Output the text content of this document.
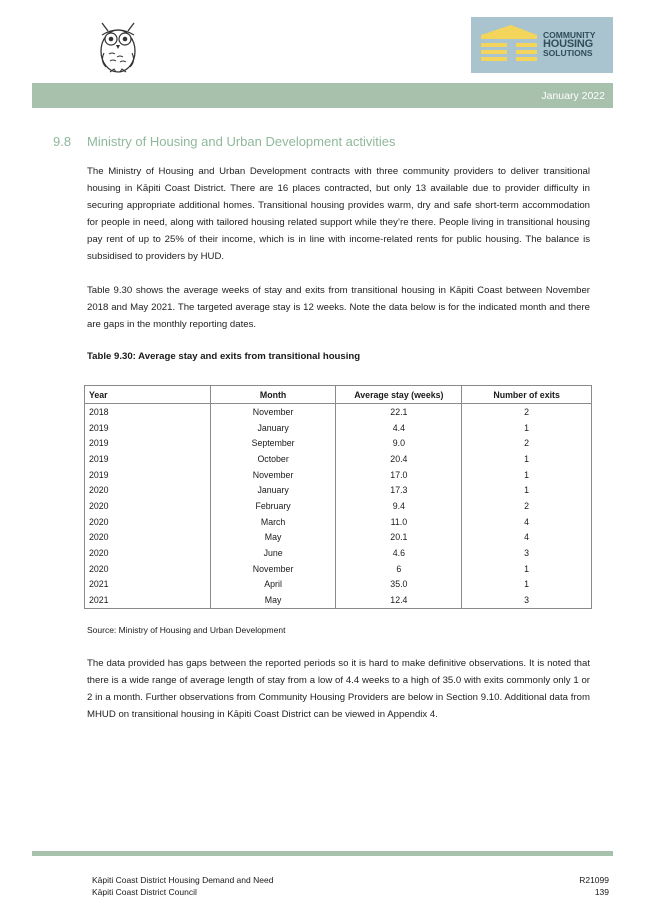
COMMUNITY
HOUSING
SOLUTIONS
January 2022
9.8 Ministry of Housing and Urban Development activities
The Ministry of Housing and Urban Development contracts with three community providers to deliver transitional housing in Kāpiti Coast District. There are 16 places contracted, but only 13 available due to provider difficulty in securing appropriate additional homes. Transitional housing provides warm, dry and safe short-term accommodation for people in need, along with tailored housing related support while they’re there. People living in transitional housing pay rent of up to 25% of their income, which is in line with income-related rents for public housing. The balance is subsidised to providers by HUD.
Table 9.30 shows the average weeks of stay and exits from transitional housing in Kāpiti Coast between November 2018 and May 2021. The targeted average stay is 12 weeks. Note the data below is for the indicated month and there are gaps in the monthly reporting dates.
Table 9.30: Average stay and exits from transitional housing
Year	Month	Average stay (weeks)	Number of exits
2018	November	22.1	2
2019	January	4.4	1
2019	September	9.0	2
2019	October	20.4	1
2019	November	17.0	1
2020	January	17.3	1
2020	February	9.4	2
2020	March	11.0	4
2020	May	20.1	4
2020	June	4.6	3
2020	November	6	1
2021	April	35.0	1
2021	May	12.4	3
Source: Ministry of Housing and Urban Development
The data provided has gaps between the reported periods so it is hard to make definitive observations. It is noted that there is a wide range of average length of stay from a low of 4.4 weeks to a high of 35.0 with exits commonly only 1 or 2 in a month. Further observations from Community Housing Providers are below in Section 9.10. Additional data from MHUD on transitional housing in Kāpiti Coast District can be viewed in Appendix 4.
Kāpiti Coast District Housing Demand and Need
Kāpiti Coast District Council
R21099
139
